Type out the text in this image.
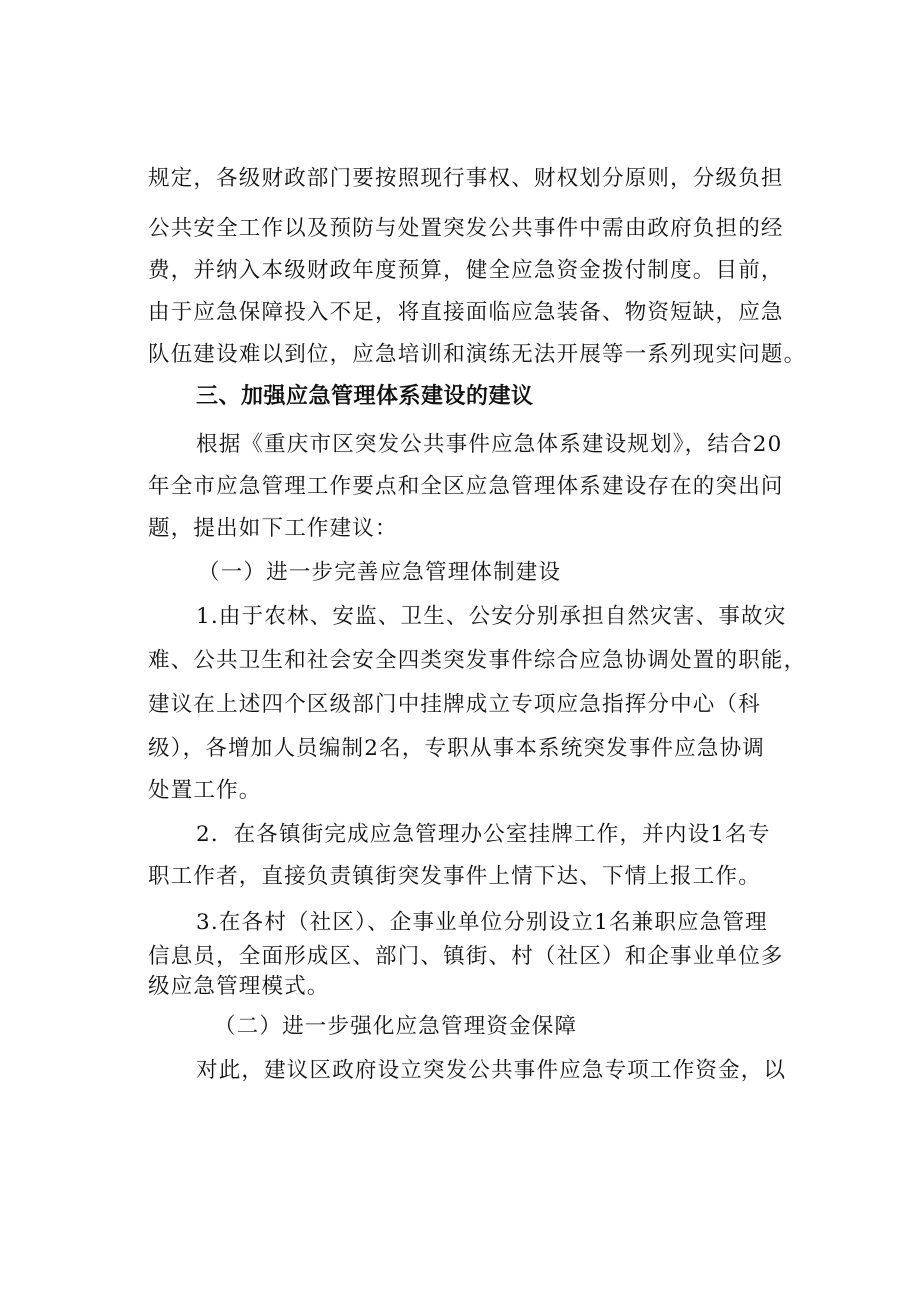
规定，各级财政部门要按照现行事权、财权划分原则，分级负担
公共安全工作以及预防与处置突发公共事件中需由政府负担的经
费，并纳入本级财政年度预算，健全应急资金拨付制度。目前，
由于应急保障投入不足，将直接面临应急装备、物资短缺，应急
队伍建设难以到位，应急培训和演练无法开展等一系列现实问题。
三、加强应急管理体系建设的建议
根据《重庆市区突发公共事件应急体系建设规划》，结合20
年全市应急管理工作要点和全区应急管理体系建设存在的突出问
题，提出如下工作建议：
（一）进一步完善应急管理体制建设
1.由于农林、安监、卫生、公安分别承担自然灾害、事故灾
难、公共卫生和社会安全四类突发事件综合应急协调处置的职能，
建议在上述四个区级部门中挂牌成立专项应急指挥分中心（科
级），各增加人员编制2名，专职从事本系统突发事件应急协调
处置工作。
2．在各镇街完成应急管理办公室挂牌工作，并内设1名专
职工作者，直接负责镇街突发事件上情下达、下情上报工作。
3.在各村（社区）、企事业单位分别设立1名兼职应急管理
信息员，全面形成区、部门、镇街、村（社区）和企事业单位多
级应急管理模式。
（二）进一步强化应急管理资金保障
对此，建议区政府设立突发公共事件应急专项工作资金，以
